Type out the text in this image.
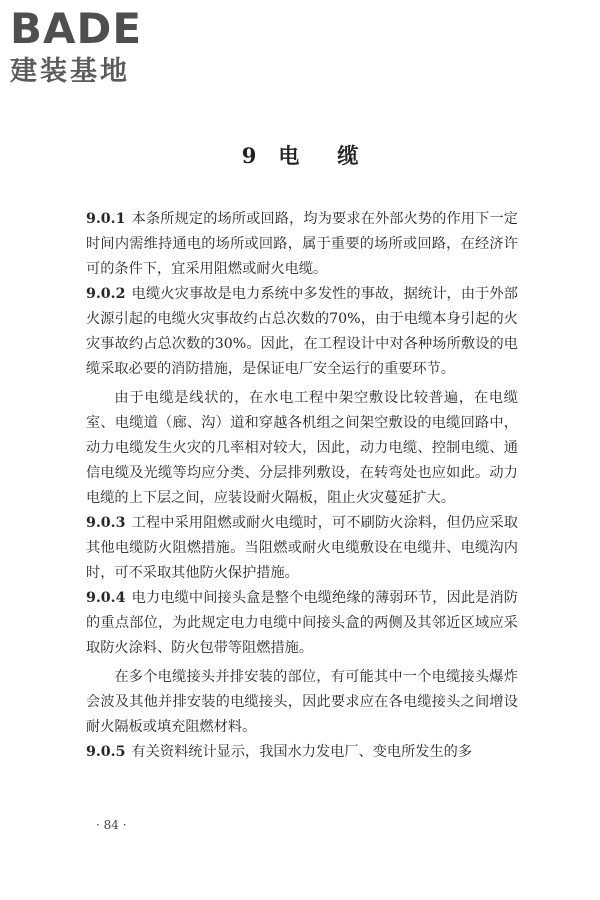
BADE
建装基地
9 电 缆

9.0.1 本条所规定的场所或回路，均为要求在外部火势的作用下一定时间内需维持通电的场所或回路，属于重要的场所或回路，在经济许可的条件下，宜采用阻燃或耐火电缆。

9.0.2 电缆火灾事故是电力系统中多发性的事故，据统计，由于外部火源引起的电缆火灾事故约占总次数的70%，由于电缆本身引起的火灾事故约占总次数的30%。因此，在工程设计中对各种场所敷设的电缆采取必要的消防措施，是保证电厂安全运行的重要环节。

由于电缆是线状的，在水电工程中架空敷设比较普遍，在电缆室、电缆道（廊、沟）道和穿越各机组之间架空敷设的电缆回路中，动力电缆发生火灾的几率相对较大，因此，动力电缆、控制电缆、通信电缆及光缆等均应分类、分层排列敷设，在转弯处也应如此。动力电缆的上下层之间，应装设耐火隔板，阻止火灾蔓延扩大。

9.0.3 工程中采用阻燃或耐火电缆时，可不刷防火涂料，但仍应采取其他电缆防火阻燃措施。当阻燃或耐火电缆敷设在电缆井、电缆沟内时，可不采取其他防火保护措施。

9.0.4 电力电缆中间接头盒是整个电缆绝缘的薄弱环节，因此是消防的重点部位，为此规定电力电缆中间接头盒的两侧及其邻近区域应采取防火涂料、防火包带等阻燃措施。

在多个电缆接头并排安装的部位，有可能其中一个电缆接头爆炸会波及其他并排安装的电缆接头，因此要求应在各电缆接头之间增设耐火隔板或填充阻燃材料。

9.0.5 有关资料统计显示，我国水力发电厂、变电所发生的多

· 84 ·
